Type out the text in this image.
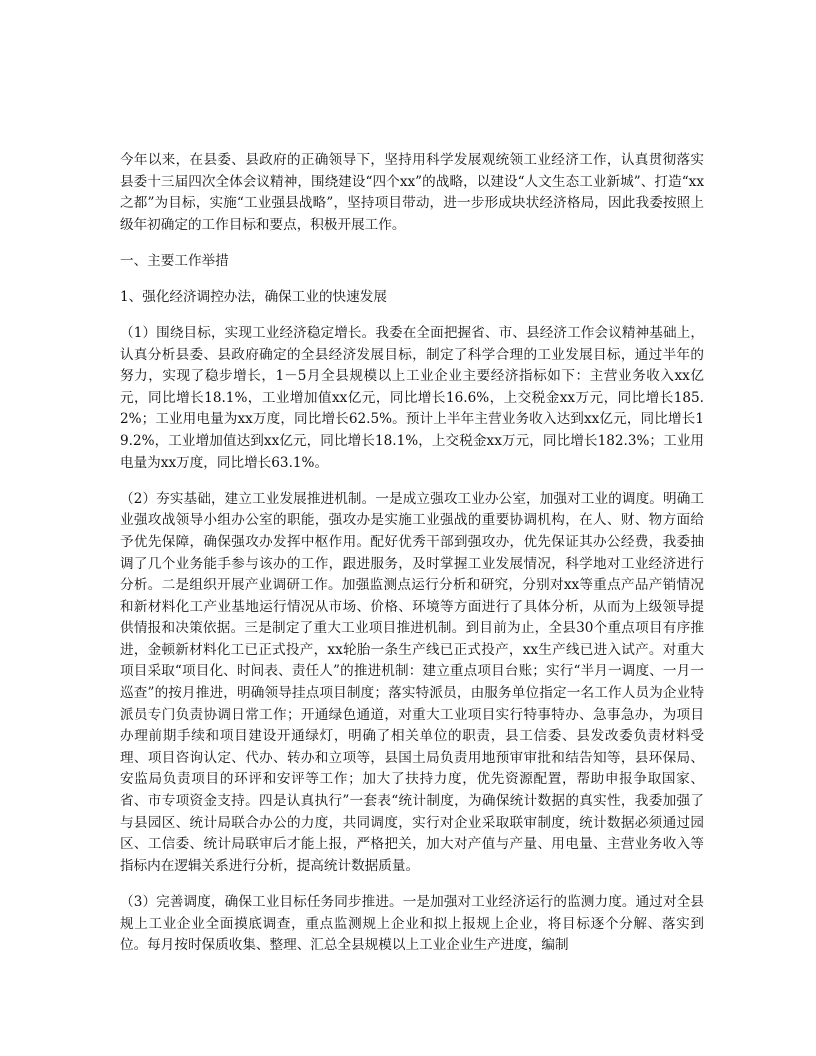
今年以来，在县委、县政府的正确领导下，坚持用科学发展观统领工业经济工作，认真贯彻落实县委十三届四次全体会议精神，围绕建设“四个xx”的战略，以建设“人文生态工业新城”、打造“xx之都”为目标，实施“工业强县战略”，坚持项目带动，进一步形成块状经济格局，因此我委按照上级年初确定的工作目标和要点，积极开展工作。

一、主要工作举措

1、强化经济调控办法，确保工业的快速发展

（1）围绕目标，实现工业经济稳定增长。我委在全面把握省、市、县经济工作会议精神基础上，认真分析县委、县政府确定的全县经济发展目标，制定了科学合理的工业发展目标，通过半年的努力，实现了稳步增长，1－5月全县规模以上工业企业主要经济指标如下：主营业务收入xx亿元，同比增长18.1%，工业增加值xx亿元，同比增长16.6%，上交税金xx万元，同比增长185.2%；工业用电量为xx万度，同比增长62.5%。预计上半年主营业务收入达到xx亿元，同比增长19.2%，工业增加值达到xx亿元，同比增长18.1%，上交税金xx万元，同比增长182.3%；工业用电量为xx万度，同比增长63.1%。

（2）夯实基础，建立工业发展推进机制。一是成立强攻工业办公室，加强对工业的调度。明确工业强攻战领导小组办公室的职能，强攻办是实施工业强战的重要协调机构，在人、财、物方面给予优先保障，确保强攻办发挥中枢作用。配好优秀干部到强攻办，优先保证其办公经费，我委抽调了几个业务能手参与该办的工作，跟进服务，及时掌握工业发展情况，科学地对工业经济进行分析。二是组织开展产业调研工作。加强监测点运行分析和研究，分别对xx等重点产品产销情况和新材料化工产业基地运行情况从市场、价格、环境等方面进行了具体分析，从而为上级领导提供情报和决策依据。三是制定了重大工业项目推进机制。到目前为止，全县30个重点项目有序推进，金顿新材料化工已正式投产，xx轮胎一条生产线已正式投产，xx生产线已进入试产。对重大项目采取“项目化、时间表、责任人”的推进机制：建立重点项目台账；实行“半月一调度、一月一巡查”的按月推进，明确领导挂点项目制度；落实特派员，由服务单位指定一名工作人员为企业特派员专门负责协调日常工作；开通绿色通道，对重大工业项目实行特事特办、急事急办，为项目办理前期手续和项目建设开通绿灯，明确了相关单位的职责，县工信委、县发改委负责材料受理、项目咨询认定、代办、转办和立项等，县国土局负责用地预审审批和结告知等，县环保局、安监局负责项目的环评和安评等工作；加大了扶持力度，优先资源配置，帮助申报争取国家、省、市专项资金支持。四是认真执行”一套表“统计制度，为确保统计数据的真实性，我委加强了与县园区、统计局联合办公的力度，共同调度，实行对企业采取联审制度，统计数据必须通过园区、工信委、统计局联审后才能上报，严格把关，加大对产值与产量、用电量、主营业务收入等指标内在逻辑关系进行分析，提高统计数据质量。

（3）完善调度，确保工业目标任务同步推进。一是加强对工业经济运行的监测力度。通过对全县规上工业企业全面摸底调查，重点监测规上企业和拟上报规上企业，将目标逐个分解、落实到位。每月按时保质收集、整理、汇总全县规模以上工业企业生产进度，编制
